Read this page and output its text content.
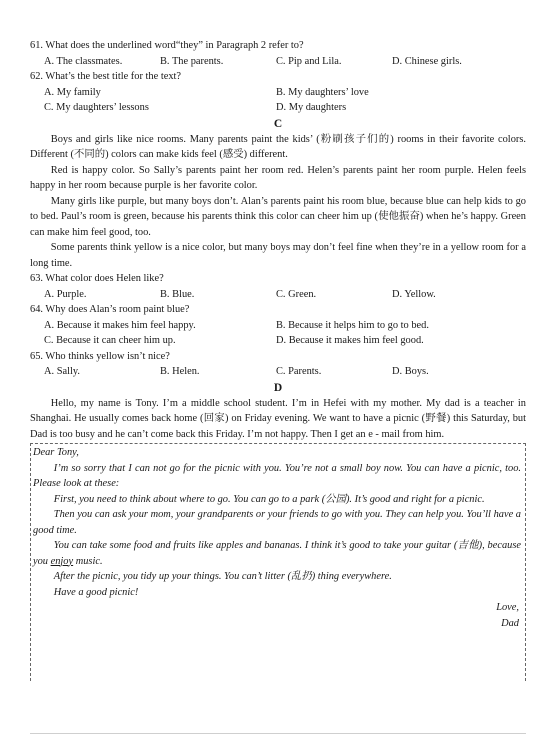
61. What does the underlined word“they” in Paragraph 2 refer to?
A. The classmates.	B. The parents.	C. Pip and Lila.	D. Chinese girls.
62. What’s the best title for the text?
A. My family	B. My daughters’ love
C. My daughters’ lessons	D. My daughters
C

Boys and girls like nice rooms. Many parents paint the kids’ (粉刷孩子们的) rooms in their favorite colors. Different (不同的) colors can make kids feel (感受) different.

Red is happy color. So Sally’s parents paint her room red. Helen’s parents paint her room purple. Helen feels happy in her room because purple is her favorite color.

Many girls like purple, but many boys don’t. Alan’s parents paint his room blue, because blue can help kids to go to bed. Paul’s room is green, because his parents think this color can cheer him up (使他振奋) when he’s happy. Green can make him feel good, too.

Some parents think yellow is a nice color, but many boys may don’t feel fine when they’re in a yellow room for a long time.

63. What color does Helen like?
A. Purple.	B. Blue.	C. Green.	D. Yellow.
64. Why does Alan’s room paint blue?
A. Because it makes him feel happy.	B. Because it helps him to go to bed.
C. Because it can cheer him up.	D. Because it makes him feel good.
65. Who thinks yellow isn’t nice?
A. Sally.	B. Helen.	C. Parents.	D. Boys.
D

Hello, my name is Tony. I’m a middle school student. I’m in Hefei with my mother. My dad is a teacher in Shanghai. He usually comes back home (回家) on Friday evening. We want to have a picnic (野餐) this Saturday, but Dad is too busy and he can’t come back this Friday. I’m not happy. Then I get an e - mail from him.

Dear Tony,

I’m so sorry that I can not go for the picnic with you. You’re not a small boy now. You can have a picnic, too. Please look at these:

First, you need to think about where to go. You can go to a park (公园). It’s good and right for a picnic.

Then you can ask your mom, your grandparents or your friends to go with you. They can help you. You’ll have a good time.

You can take some food and fruits like apples and bananas. I think it’s good to take your guitar (吉他), because you enjoy music.

After the picnic, you tidy up your things. You can’t litter (乱扔) thing everywhere.

Have a good picnic!

Love,
Dad
